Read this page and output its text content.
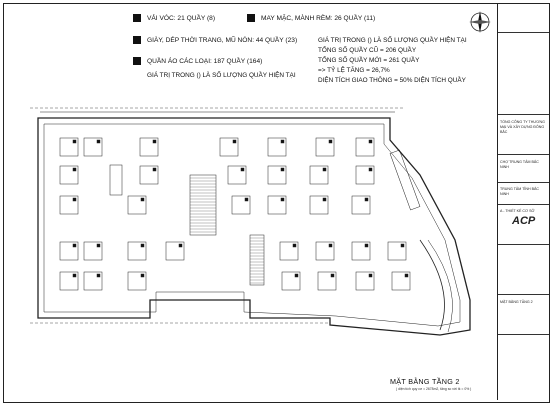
VẢI VÓC: 21 QUẦY (8)	MAY MẶC, MÀNH RÈM: 26 QUẦY (11)
GIÀY, DÉP THỜI TRANG, MŨ NÓN: 44 QUẦY (23)
QUẦN ÁO CÁC LOẠI: 187 QUẦY (164)
GIÁ TRỊ TRONG () LÀ SỐ LƯỢNG QUẦY HIỆN TẠI
GIÁ TRỊ TRONG () LÀ SỐ LƯỢNG QUẦY HIỆN TẠI
TỔNG SỐ QUẦY CŨ = 206 QUẦY
TỔNG SỐ QUẦY MỚI = 261 QUẦY
=> TỶ LỆ TĂNG = 26,7%
DIỆN TÍCH GIAO THÔNG = 50% DIỆN TÍCH QUẦY
TỔNG CÔNG TY THƯƠNG MẠI VÀ XÂY DỰNG ĐÔNG BẮC
CHỢ TRUNG TÂM BẮC NINH
TRUNG TÂM TỈNH BẮC NINH
A - THIẾT KẾ CƠ SỞ
MẶT BẰNG TẦNG 2
ACP
MẶT BẰNG TẦNG 2
( diện tích quy cơ = 2678m2, tăng so với tk = 0% )
